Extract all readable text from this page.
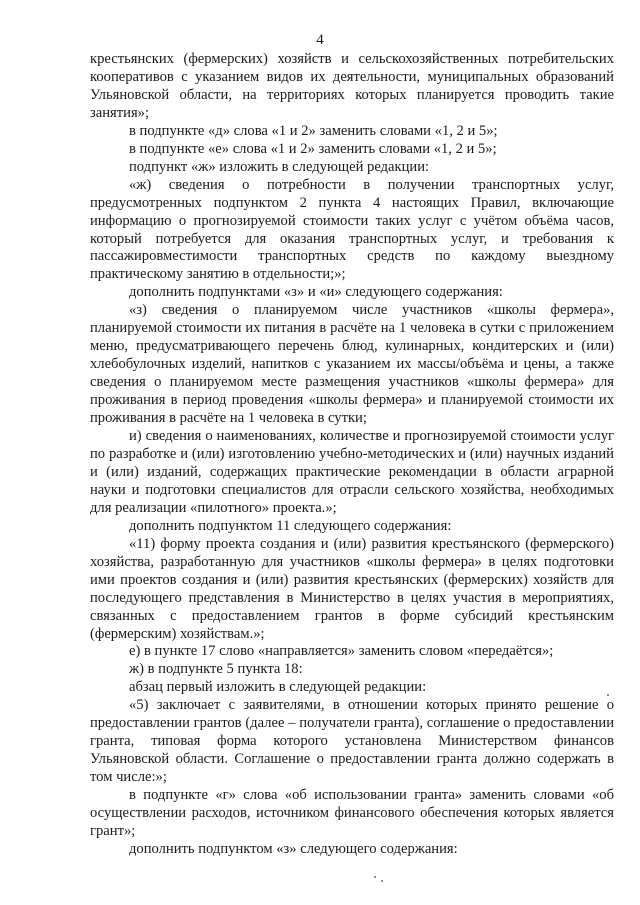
4

крестьянских (фермерских) хозяйств и сельскохозяйственных потребительских кооперативов с указанием видов их деятельности, муниципальных образований Ульяновской области, на территориях которых планируется проводить такие занятия»;

в подпункте «д» слова «1 и 2» заменить словами «1, 2 и 5»;

в подпункте «е» слова «1 и 2» заменить словами «1, 2 и 5»;

подпункт «ж» изложить в следующей редакции:

«ж) сведения о потребности в получении транспортных услуг, предусмотренных подпунктом 2 пункта 4 настоящих Правил, включающие информацию о прогнозируемой стоимости таких услуг с учётом объёма часов, который потребуется для оказания транспортных услуг, и требования к пассажировместимости транспортных средств по каждому выездному практическому занятию в отдельности;»;

дополнить подпунктами «з» и «и» следующего содержания:

«з) сведения о планируемом числе участников «школы фермера», планируемой стоимости их питания в расчёте на 1 человека в сутки с приложением меню, предусматривающего перечень блюд, кулинарных, кондитерских и (или) хлебобулочных изделий, напитков с указанием их массы/объёма и цены, а также сведения о планируемом месте размещения участников «школы фермера» для проживания в период проведения «школы фермера» и планируемой стоимости их проживания в расчёте на 1 человека в сутки;

и) сведения о наименованиях, количестве и прогнозируемой стоимости услуг по разработке и (или) изготовлению учебно-методических и (или) научных изданий и (или) изданий, содержащих практические рекомендации в области аграрной науки и подготовки специалистов для отрасли сельского хозяйства, необходимых для реализации «пилотного» проекта.»;

дополнить подпунктом 11 следующего содержания:

«11) форму проекта создания и (или) развития крестьянского (фермерского) хозяйства, разработанную для участников «школы фермера» в целях подготовки ими проектов создания и (или) развития крестьянских (фермерских) хозяйств для последующего представления в Министерство в целях участия в мероприятиях, связанных с предоставлением грантов в форме субсидий крестьянским (фермерским) хозяйствам.»;

е) в пункте 17 слово «направляется» заменить словом «передаётся»;

ж) в подпункте 5 пункта 18:

абзац первый изложить в следующей редакции:

«5) заключает с заявителями, в отношении которых принято решение о предоставлении грантов (далее – получатели гранта), соглашение о предоставлении гранта, типовая форма которого установлена Министерством финансов Ульяновской области. Соглашение о предоставлении гранта должно содержать в том числе:»;

в подпункте «г» слова «об использовании гранта» заменить словами «об осуществлении расходов, источником финансового обеспечения которых является грант»;

дополнить подпунктом «з» следующего содержания:
